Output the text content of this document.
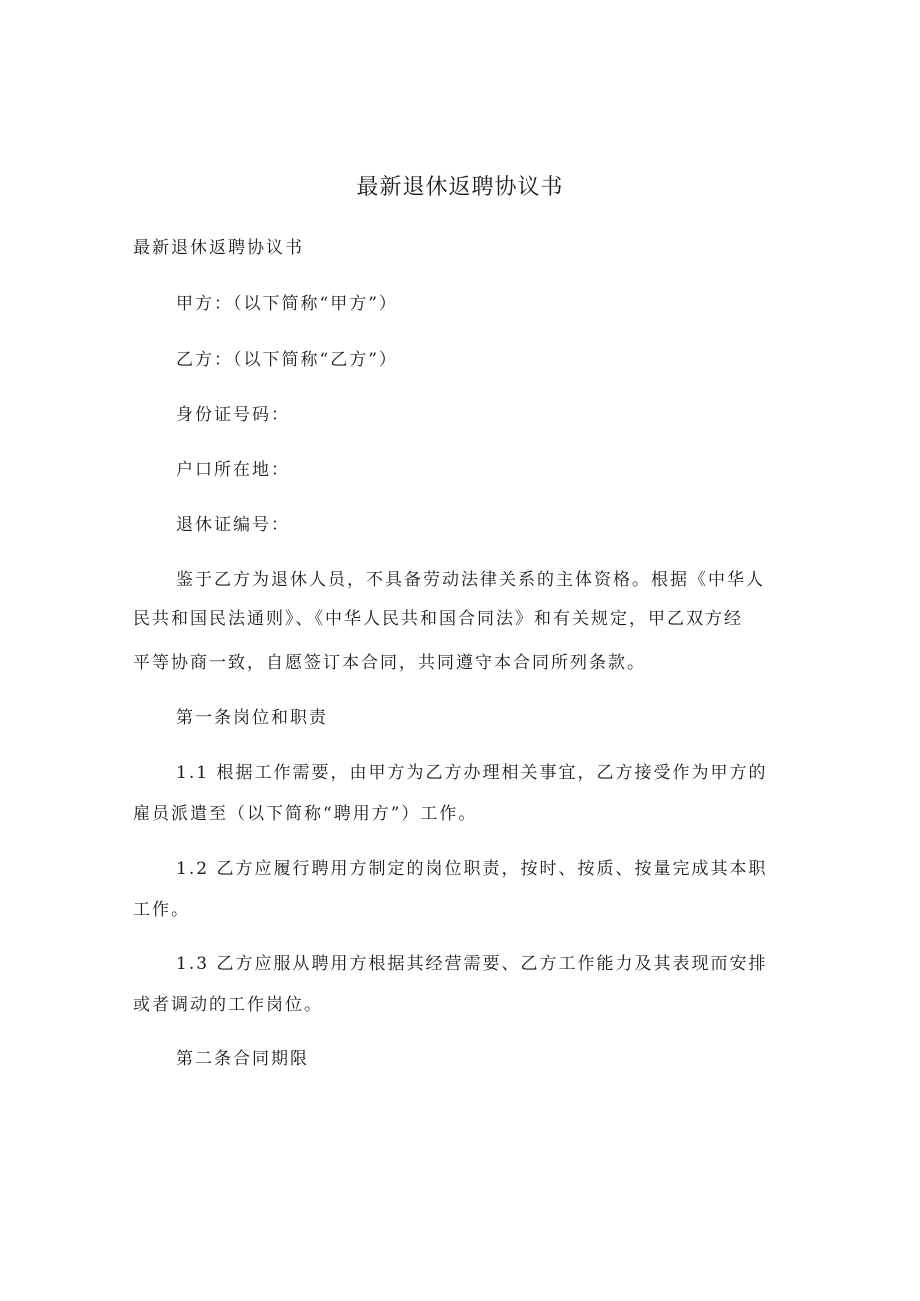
最新退休返聘协议书

最新退休返聘协议书

甲方：（以下简称“甲方”）

乙方：（以下简称“乙方”）

身份证号码：

户口所在地：

退休证编号：

鉴于乙方为退休人员，不具备劳动法律关系的主体资格。根据《中华人

民共和国民法通则》、《中华人民共和国合同法》和有关规定，甲乙双方经

平等协商一致，自愿签订本合同，共同遵守本合同所列条款。

第一条岗位和职责

1.1 根据工作需要，由甲方为乙方办理相关事宜，乙方接受作为甲方的

雇员派遣至（以下简称“聘用方”）工作。

1.2 乙方应履行聘用方制定的岗位职责，按时、按质、按量完成其本职

工作。

1.3 乙方应服从聘用方根据其经营需要、乙方工作能力及其表现而安排

或者调动的工作岗位。

第二条合同期限
